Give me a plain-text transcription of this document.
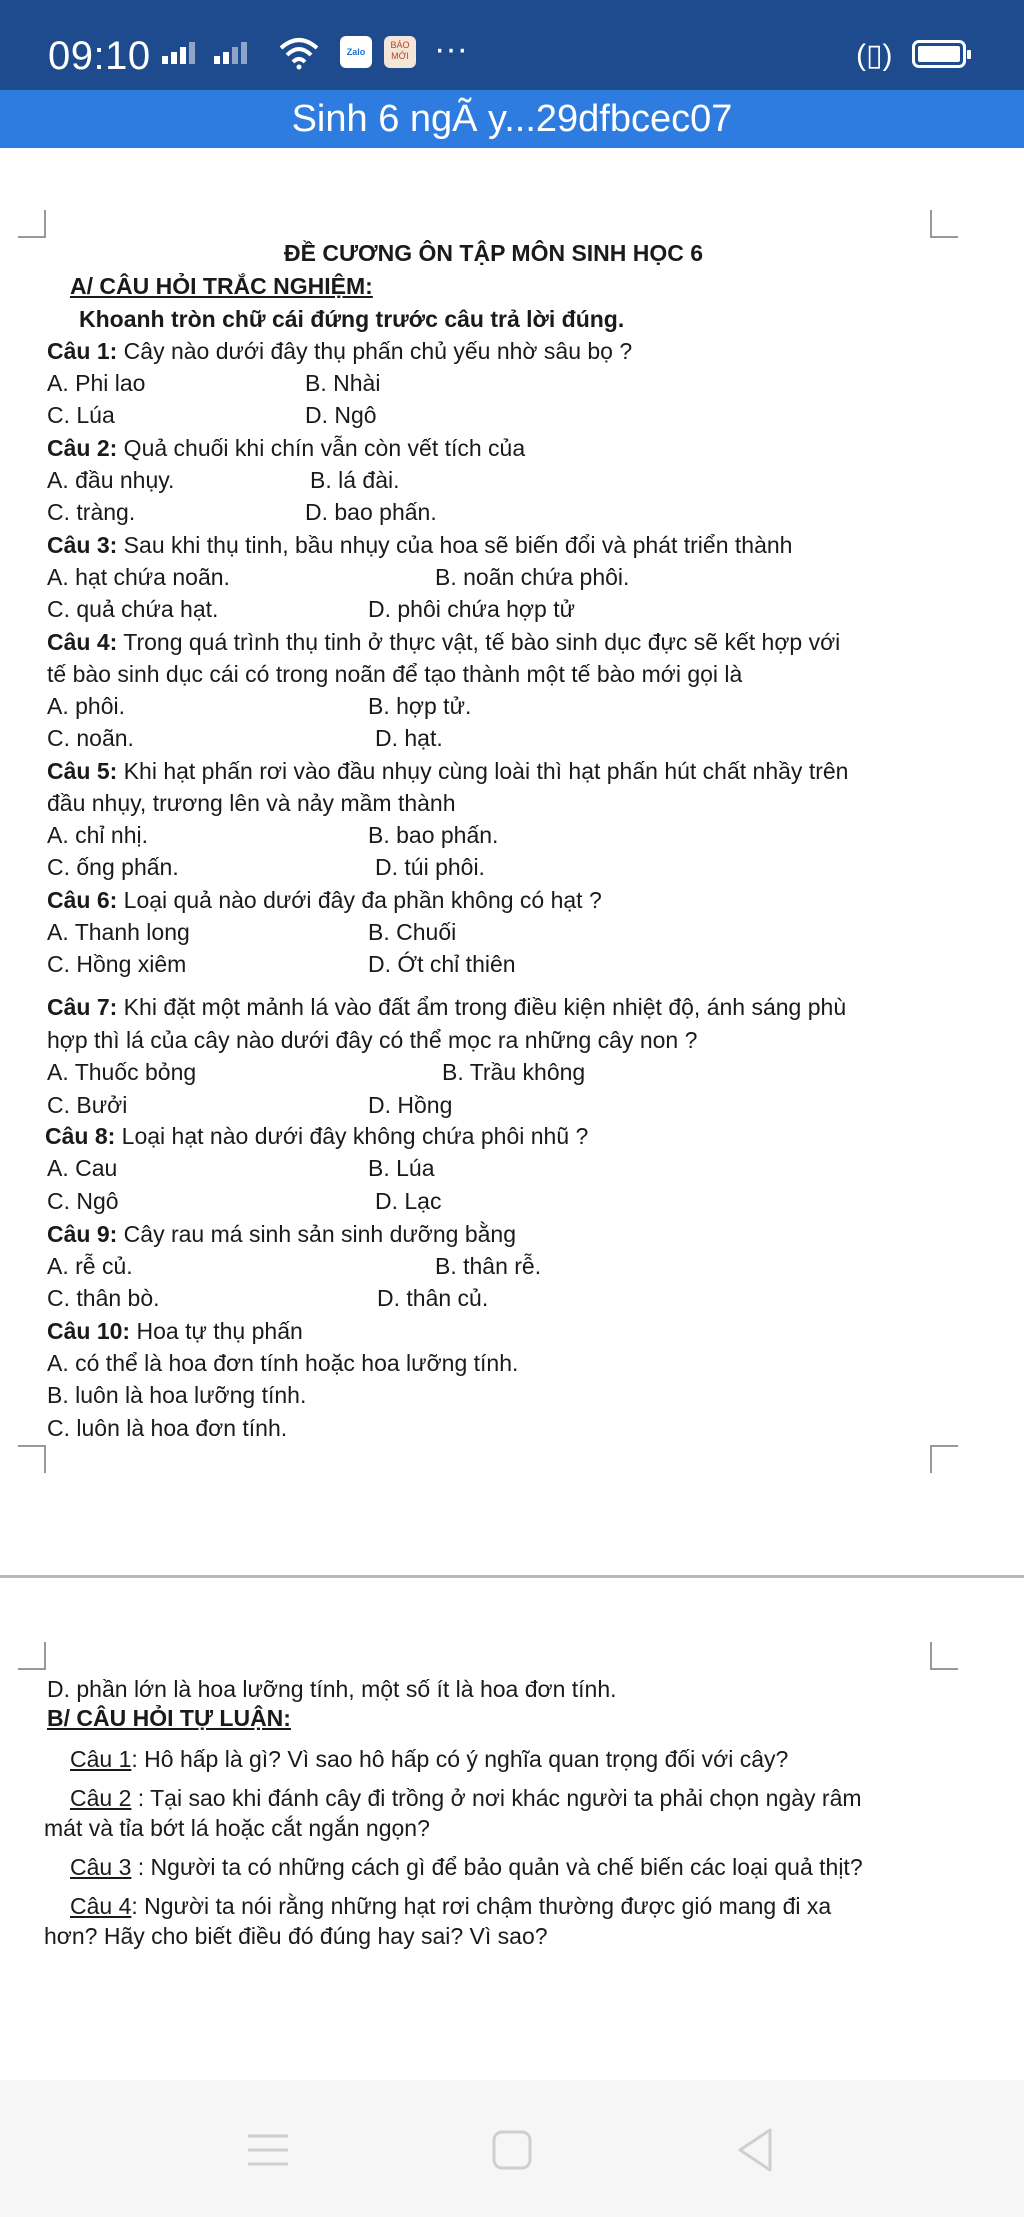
09:10	Zalo
BÁO MỚI ···	(▯)
Sinh 6 ngÃ y...29dfbcec07
ĐỀ CƯƠNG ÔN TẬP MÔN SINH HỌC 6
A/ CÂU HỎI TRẮC NGHIỆM:
Khoanh tròn chữ cái đứng trước câu trả lời đúng.
Câu 1: Cây nào dưới đây thụ phấn chủ yếu nhờ sâu bọ ?
A. Phi lao	B. Nhài
C. Lúa	D. Ngô
Câu 2: Quả chuối khi chín vẫn còn vết tích của
A. đầu nhụy.	B. lá đài.
C. tràng.	D. bao phấn.
Câu 3: Sau khi thụ tinh, bầu nhụy của hoa sẽ biến đổi và phát triển thành
A. hạt chứa noãn.	B. noãn chứa phôi.
C. quả chứa hạt.	D. phôi chứa hợp tử
Câu 4: Trong quá trình thụ tinh ở thực vật, tế bào sinh dục đực sẽ kết hợp với
tế bào sinh dục cái có trong noãn để tạo thành một tế bào mới gọi là
A. phôi.	B. hợp tử.
C. noãn.	D. hạt.
Câu 5: Khi hạt phấn rơi vào đầu nhụy cùng loài thì hạt phấn hút chất nhầy trên
đầu nhụy, trương lên và nảy mầm thành
A. chỉ nhị.	B. bao phấn.
C. ống phấn.	D. túi phôi.
Câu 6: Loại quả nào dưới đây đa phần không có hạt ?
A. Thanh long	B. Chuối
C. Hồng xiêm	D. Ớt chỉ thiên
Câu 7: Khi đặt một mảnh lá vào đất ẩm trong điều kiện nhiệt độ, ánh sáng phù
hợp thì lá của cây nào dưới đây có thể mọc ra những cây non ?
A. Thuốc bỏng	B. Trầu không
C. Bưởi	D. Hồng
Câu 8: Loại hạt nào dưới đây không chứa phôi nhũ ?
A. Cau	B. Lúa
C. Ngô	D. Lạc
Câu 9: Cây rau má sinh sản sinh dưỡng bằng
A. rễ củ.	B. thân rễ.
C. thân bò.	D. thân củ.
Câu 10: Hoa tự thụ phấn
A. có thể là hoa đơn tính hoặc hoa lưỡng tính.
B. luôn là hoa lưỡng tính.
C. luôn là hoa đơn tính.
D. phần lớn là hoa lưỡng tính, một số ít là hoa đơn tính.
B/ CÂU HỎI TỰ LUẬN:
Câu 1: Hô hấp là gì? Vì sao hô hấp có ý nghĩa quan trọng đối với cây?
Câu 2 : Tại sao khi đánh cây đi trồng ở nơi khác người ta phải chọn ngày râm
mát và tỉa bớt lá hoặc cắt ngắn ngọn?
Câu 3 : Người ta có những cách gì để bảo quản và chế biến các loại quả thịt?
Câu 4: Người ta nói rằng những hạt rơi chậm thường được gió mang đi xa
hơn? Hãy cho biết điều đó đúng hay sai? Vì sao?
